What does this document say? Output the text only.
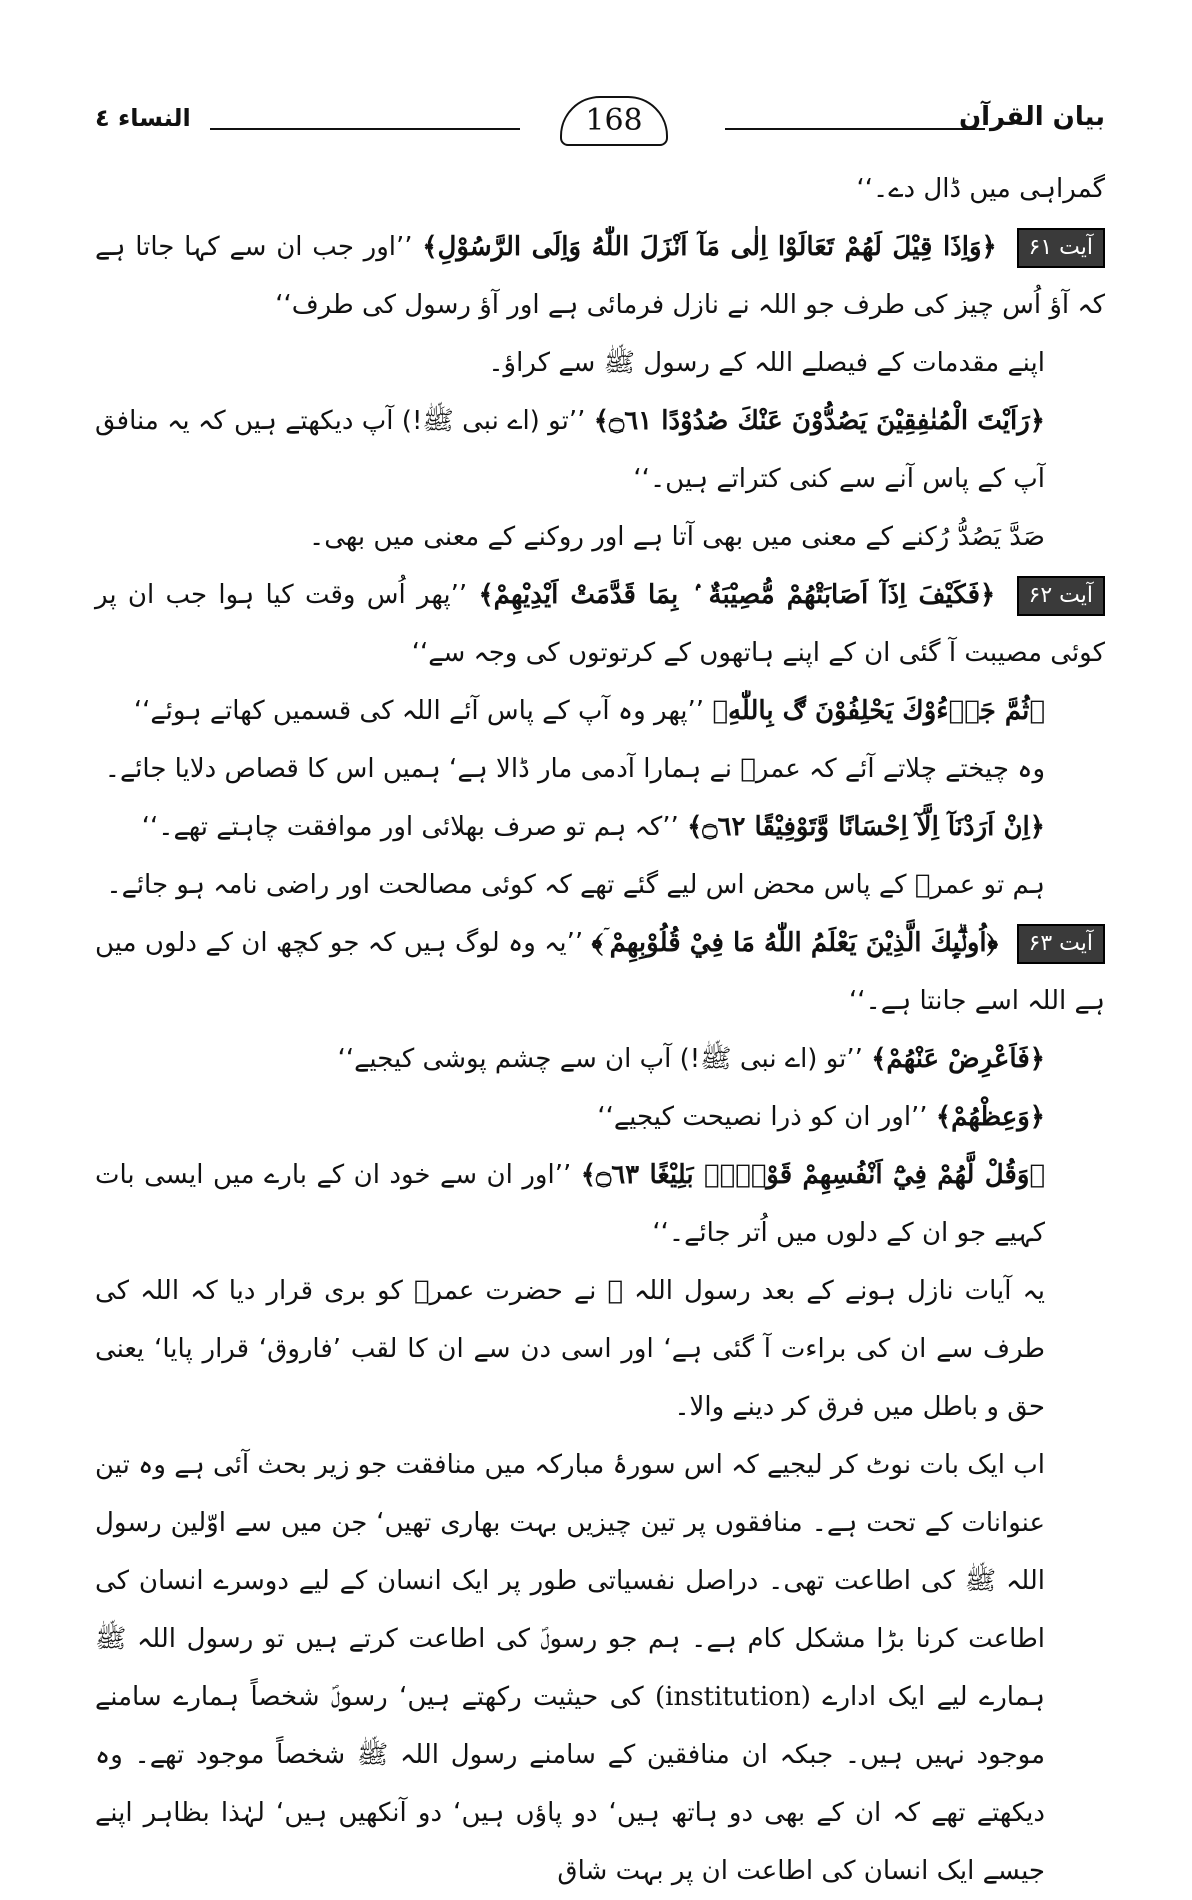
النساء ٤	بیان القرآن
168

گمراہی میں ڈال دے۔‘‘

آیت ۶۱ ﴿وَاِذَا قِيْلَ لَهُمْ تَعَالَوْا اِلٰى مَآ اَنْزَلَ اللّٰهُ وَاِلَى الرَّسُوْلِ﴾ ’’اور جب ان سے کہا جاتا ہے کہ آؤ اُس چیز کی طرف جو اللہ نے نازل فرمائی ہے اور آؤ رسول کی طرف‘‘

اپنے مقدمات کے فیصلے اللہ کے رسول ﷺ سے کراؤ۔

﴿رَاَيْتَ الْمُنٰفِقِيْنَ يَصُدُّوْنَ عَنْكَ صُدُوْدًا ۝٦١﴾ ’’تو (اے نبی ﷺ!) آپ دیکھتے ہیں کہ یہ منافق آپ کے پاس آنے سے کنی کتراتے ہیں۔‘‘

صَدَّ يَصُدُّ رُکنے کے معنی میں بھی آتا ہے اور روکنے کے معنی میں بھی۔

آیت ۶۲ ﴿فَكَيْفَ اِذَآ اَصَابَتْهُمْ مُّصِيْبَةٌ ۢ بِمَا قَدَّمَتْ اَيْدِيْهِمْ﴾ ’’پھر اُس وقت کیا ہوا جب ان پر کوئی مصیبت آ گئی ان کے اپنے ہاتھوں کے کرتوتوں کی وجہ سے‘‘

﴿ثُمَّ جَاۗءُوْكَ يَحْلِفُوْنَ ڰ بِاللّٰهِ﴾ ’’پھر وہ آپ کے پاس آئے اللہ کی قسمیں کھاتے ہوئے‘‘

وہ چیختے چلاتے آئے کہ عمرؓ نے ہمارا آدمی مار ڈالا ہے‘ ہمیں اس کا قصاص دلایا جائے۔

﴿اِنْ اَرَدْنَآ اِلَّآ اِحْسَانًا وَّتَوْفِيْقًا ۝٦٢﴾ ’’کہ ہم تو صرف بھلائی اور موافقت چاہتے تھے۔‘‘

ہم تو عمرؓ کے پاس محض اس لیے گئے تھے کہ کوئی مصالحت اور راضی نامہ ہو جائے۔

آیت ۶۳ ﴿اُولٰۗىِٕكَ الَّذِيْنَ يَعْلَمُ اللّٰهُ مَا فِيْ قُلُوْبِهِمْ ۤ﴾ ’’یہ وہ لوگ ہیں کہ جو کچھ ان کے دلوں میں ہے اللہ اسے جانتا ہے۔‘‘

﴿فَاَعْرِضْ عَنْهُمْ﴾ ’’تو (اے نبی ﷺ!) آپ ان سے چشم پوشی کیجیے‘‘

﴿وَعِظْهُمْ﴾ ’’اور ان کو ذرا نصیحت کیجیے‘‘

﴿وَقُلْ لَّهُمْ فِيْٓ اَنْفُسِهِمْ قَوْلًاۢ بَلِيْغًا ۝٦٣﴾ ’’اور ان سے خود ان کے بارے میں ایسی بات کہیے جو ان کے دلوں میں اُتر جائے۔‘‘

یہ آیات نازل ہونے کے بعد رسول اللہ ﷺ نے حضرت عمرؓ کو بری قرار دیا کہ اللہ کی طرف سے ان کی براءت آ گئی ہے‘ اور اسی دن سے ان کا لقب ’فاروق‘ قرار پایا‘ یعنی حق و باطل میں فرق کر دینے والا۔

اب ایک بات نوٹ کر لیجیے کہ اس سورۂ مبارکہ میں منافقت جو زیر بحث آئی ہے وہ تین عنوانات کے تحت ہے۔ منافقوں پر تین چیزیں بہت بھاری تھیں‘ جن میں سے اوّلین رسول اللہ ﷺ کی اطاعت تھی۔ دراصل نفسیاتی طور پر ایک انسان کے لیے دوسرے انسان کی اطاعت کرنا بڑا مشکل کام ہے۔ ہم جو رسولؐ کی اطاعت کرتے ہیں تو رسول اللہ ﷺ ہمارے لیے ایک ادارے (institution) کی حیثیت رکھتے ہیں‘ رسولؐ شخصاً ہمارے سامنے موجود نہیں ہیں۔ جبکہ ان منافقین کے سامنے رسول اللہ ﷺ شخصاً موجود تھے۔ وہ دیکھتے تھے کہ ان کے بھی دو ہاتھ ہیں‘ دو پاؤں ہیں‘ دو آنکھیں ہیں‘ لہٰذا بظاہر اپنے جیسے ایک انسان کی اطاعت ان پر بہت شاق
